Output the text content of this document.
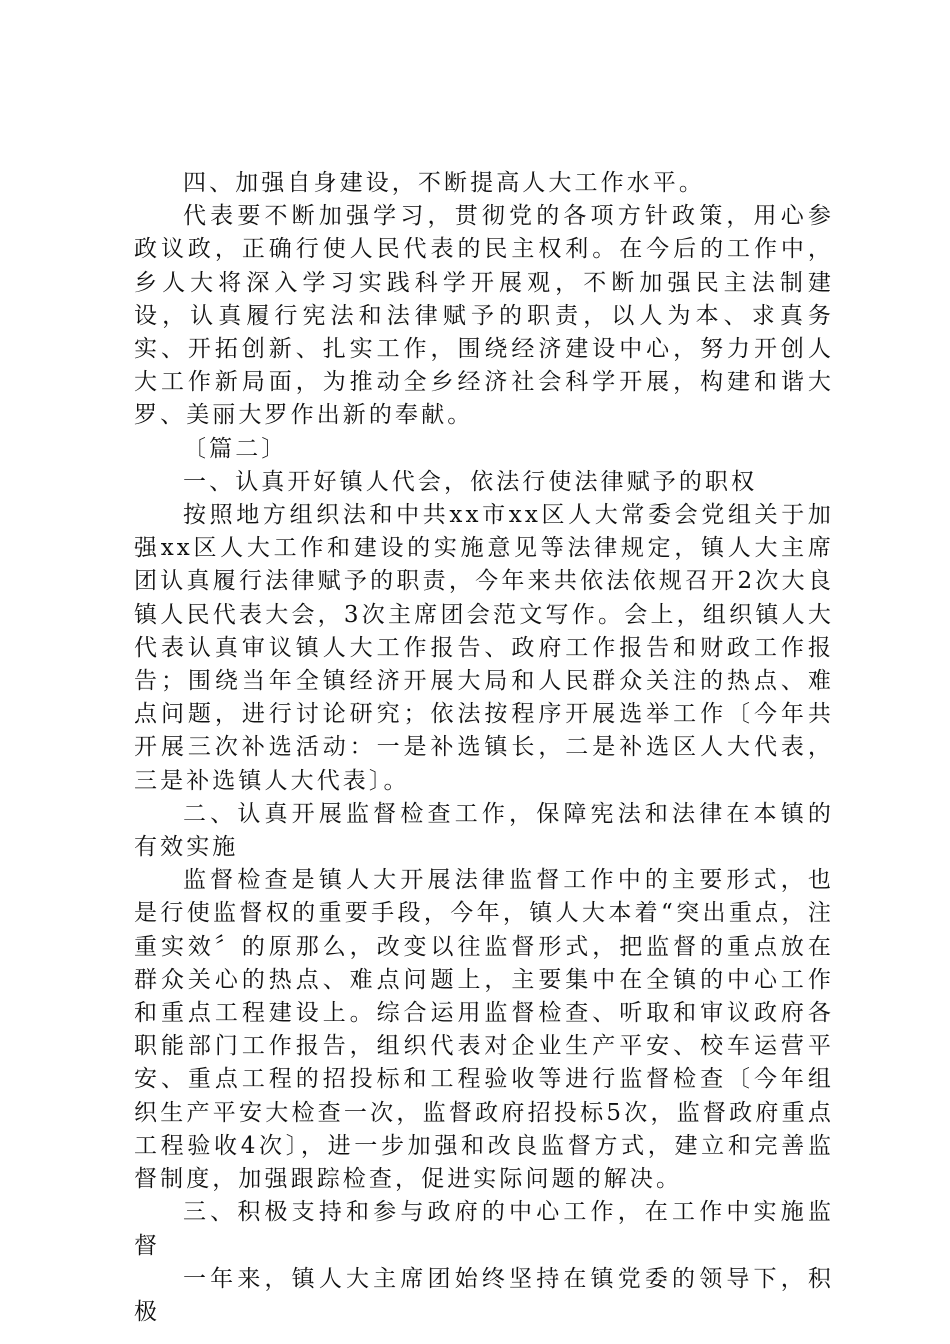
四、加强自身建设，不断提高人大工作水平。

代表要不断加强学习，贯彻党的各项方针政策，用心参政议政，正确行使人民代表的民主权利。在今后的工作中，乡人大将深入学习实践科学开展观，不断加强民主法制建设，认真履行宪法和法律赋予的职责，以人为本、求真务实、开拓创新、扎实工作，围绕经济建设中心，努力开创人大工作新局面，为推动全乡经济社会科学开展，构建和谐大罗、美丽大罗作出新的奉献。

〔篇二〕

一、认真开好镇人代会，依法行使法律赋予的职权

按照地方组织法和中共xx市xx区人大常委会党组关于加强xx区人大工作和建设的实施意见等法律规定，镇人大主席团认真履行法律赋予的职责，今年来共依法依规召开2次大良镇人民代表大会，3次主席团会范文写作。会上，组织镇人大代表认真审议镇人大工作报告、政府工作报告和财政工作报告；围绕当年全镇经济开展大局和人民群众关注的热点、难点问题，进行讨论研究；依法按程序开展选举工作〔今年共开展三次补选活动：一是补选镇长，二是补选区人大代表，三是补选镇人大代表〕。

二、认真开展监督检查工作，保障宪法和法律在本镇的有效实施

监督检查是镇人大开展法律监督工作中的主要形式，也是行使监督权的重要手段，今年，镇人大本着“突出重点，注重实效〞的原那么，改变以往监督形式，把监督的重点放在群众关心的热点、难点问题上，主要集中在全镇的中心工作和重点工程建设上。综合运用监督检查、听取和审议政府各职能部门工作报告，组织代表对企业生产平安、校车运营平安、重点工程的招投标和工程验收等进行监督检查〔今年组织生产平安大检查一次，监督政府招投标5次，监督政府重点工程验收4次〕，进一步加强和改良监督方式，建立和完善监督制度，加强跟踪检查，促进实际问题的解决。

三、积极支持和参与政府的中心工作，在工作中实施监督

一年来，镇人大主席团始终坚持在镇党委的领导下，积极
